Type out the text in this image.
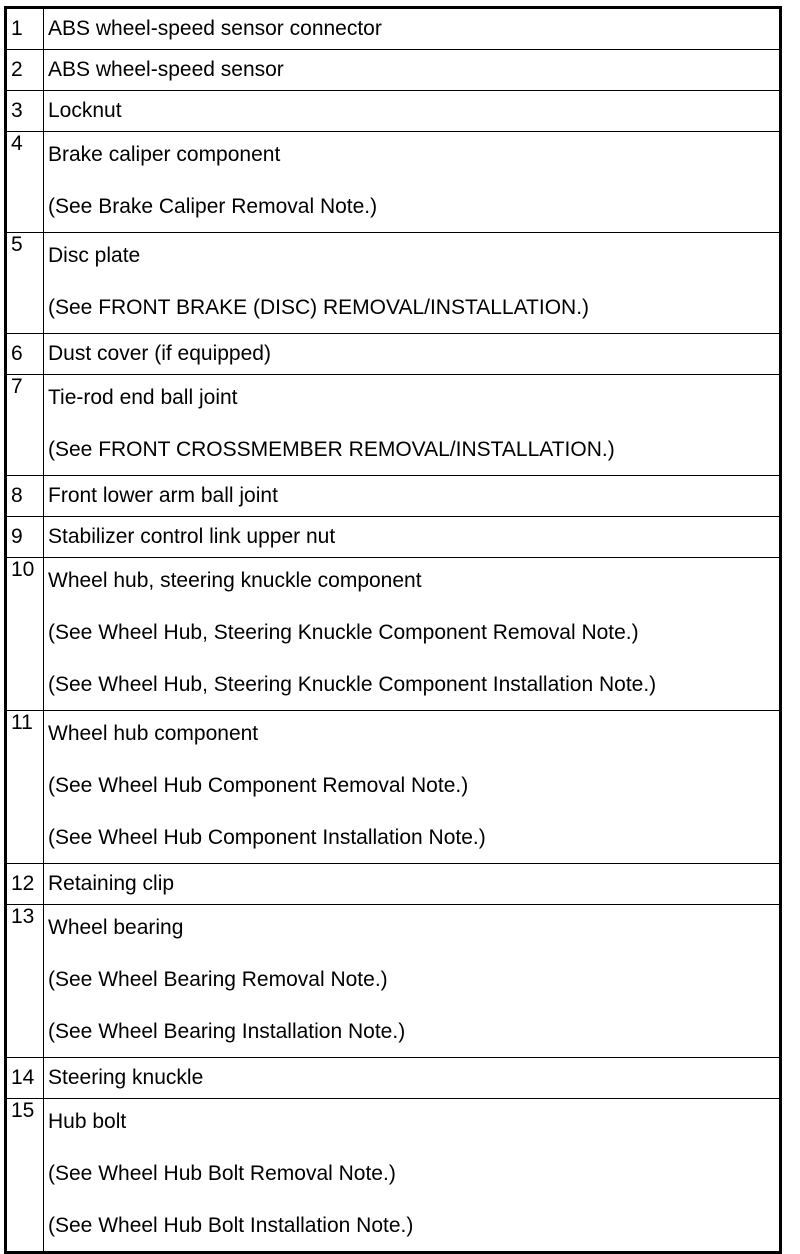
1	ABS wheel-speed sensor connector
2	ABS wheel-speed sensor
3	Locknut
4	Brake caliper component
(See Brake Caliper Removal Note.)

5	Disc plate
(See FRONT BRAKE (DISC) REMOVAL/INSTALLATION.)

6	Dust cover (if equipped)
7	Tie-rod end ball joint
(See FRONT CROSSMEMBER REMOVAL/INSTALLATION.)

8	Front lower arm ball joint
9	Stabilizer control link upper nut
10	Wheel hub, steering knuckle component
(See Wheel Hub, Steering Knuckle Component Removal Note.)
(See Wheel Hub, Steering Knuckle Component Installation Note.)

11	Wheel hub component
(See Wheel Hub Component Removal Note.)
(See Wheel Hub Component Installation Note.)

12	Retaining clip
13	Wheel bearing
(See Wheel Bearing Removal Note.)
(See Wheel Bearing Installation Note.)

14	Steering knuckle
15	Hub bolt
(See Wheel Hub Bolt Removal Note.)
(See Wheel Hub Bolt Installation Note.)
